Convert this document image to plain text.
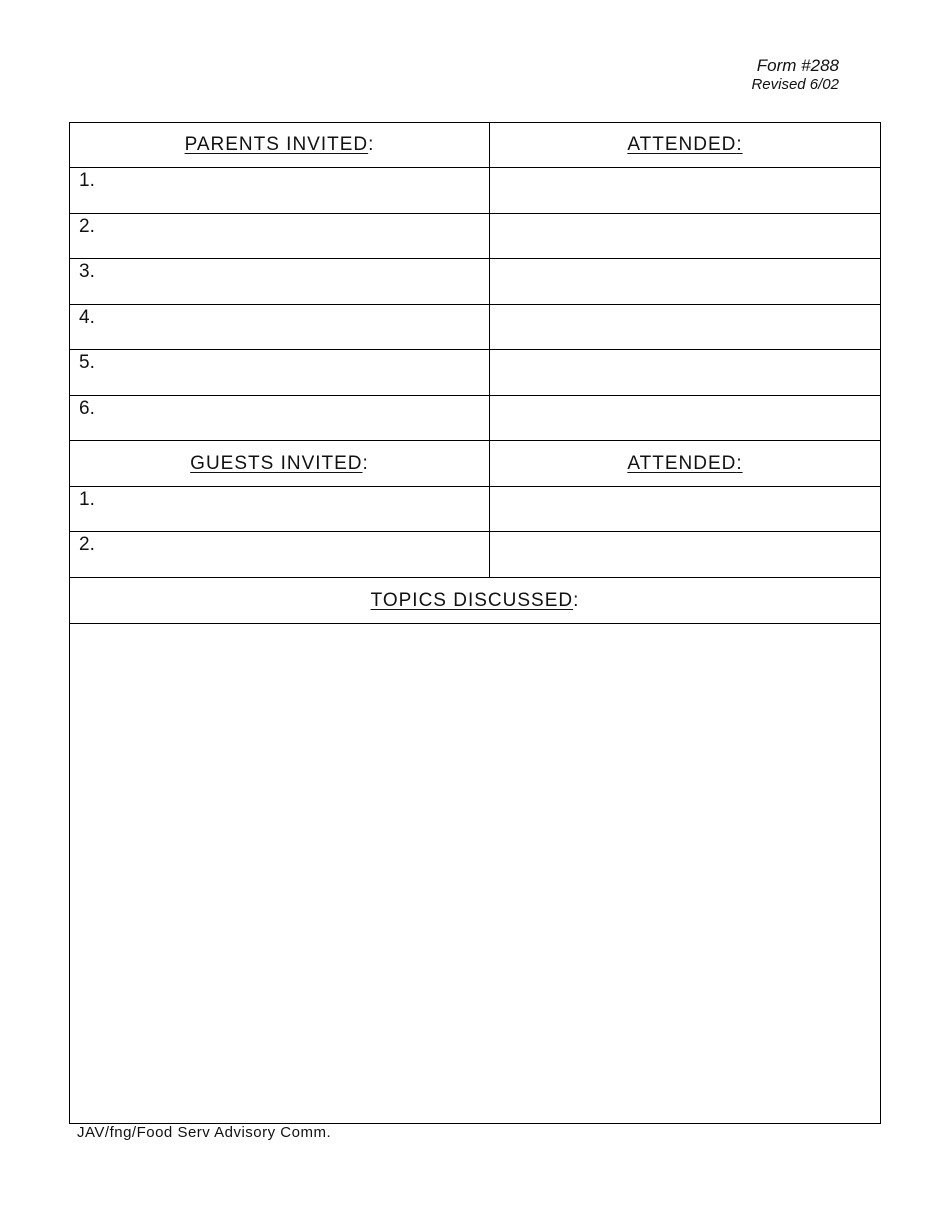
Form #288
Revised 6/02
PARENTS INVITED :	ATTENDED :
1.
2.
3.
4.
5.
6.
GUESTS INVITED :	ATTENDED :
1.
2.
TOPICS DISCUSSED :
JAV/fng/Food Serv Advisory Comm.
